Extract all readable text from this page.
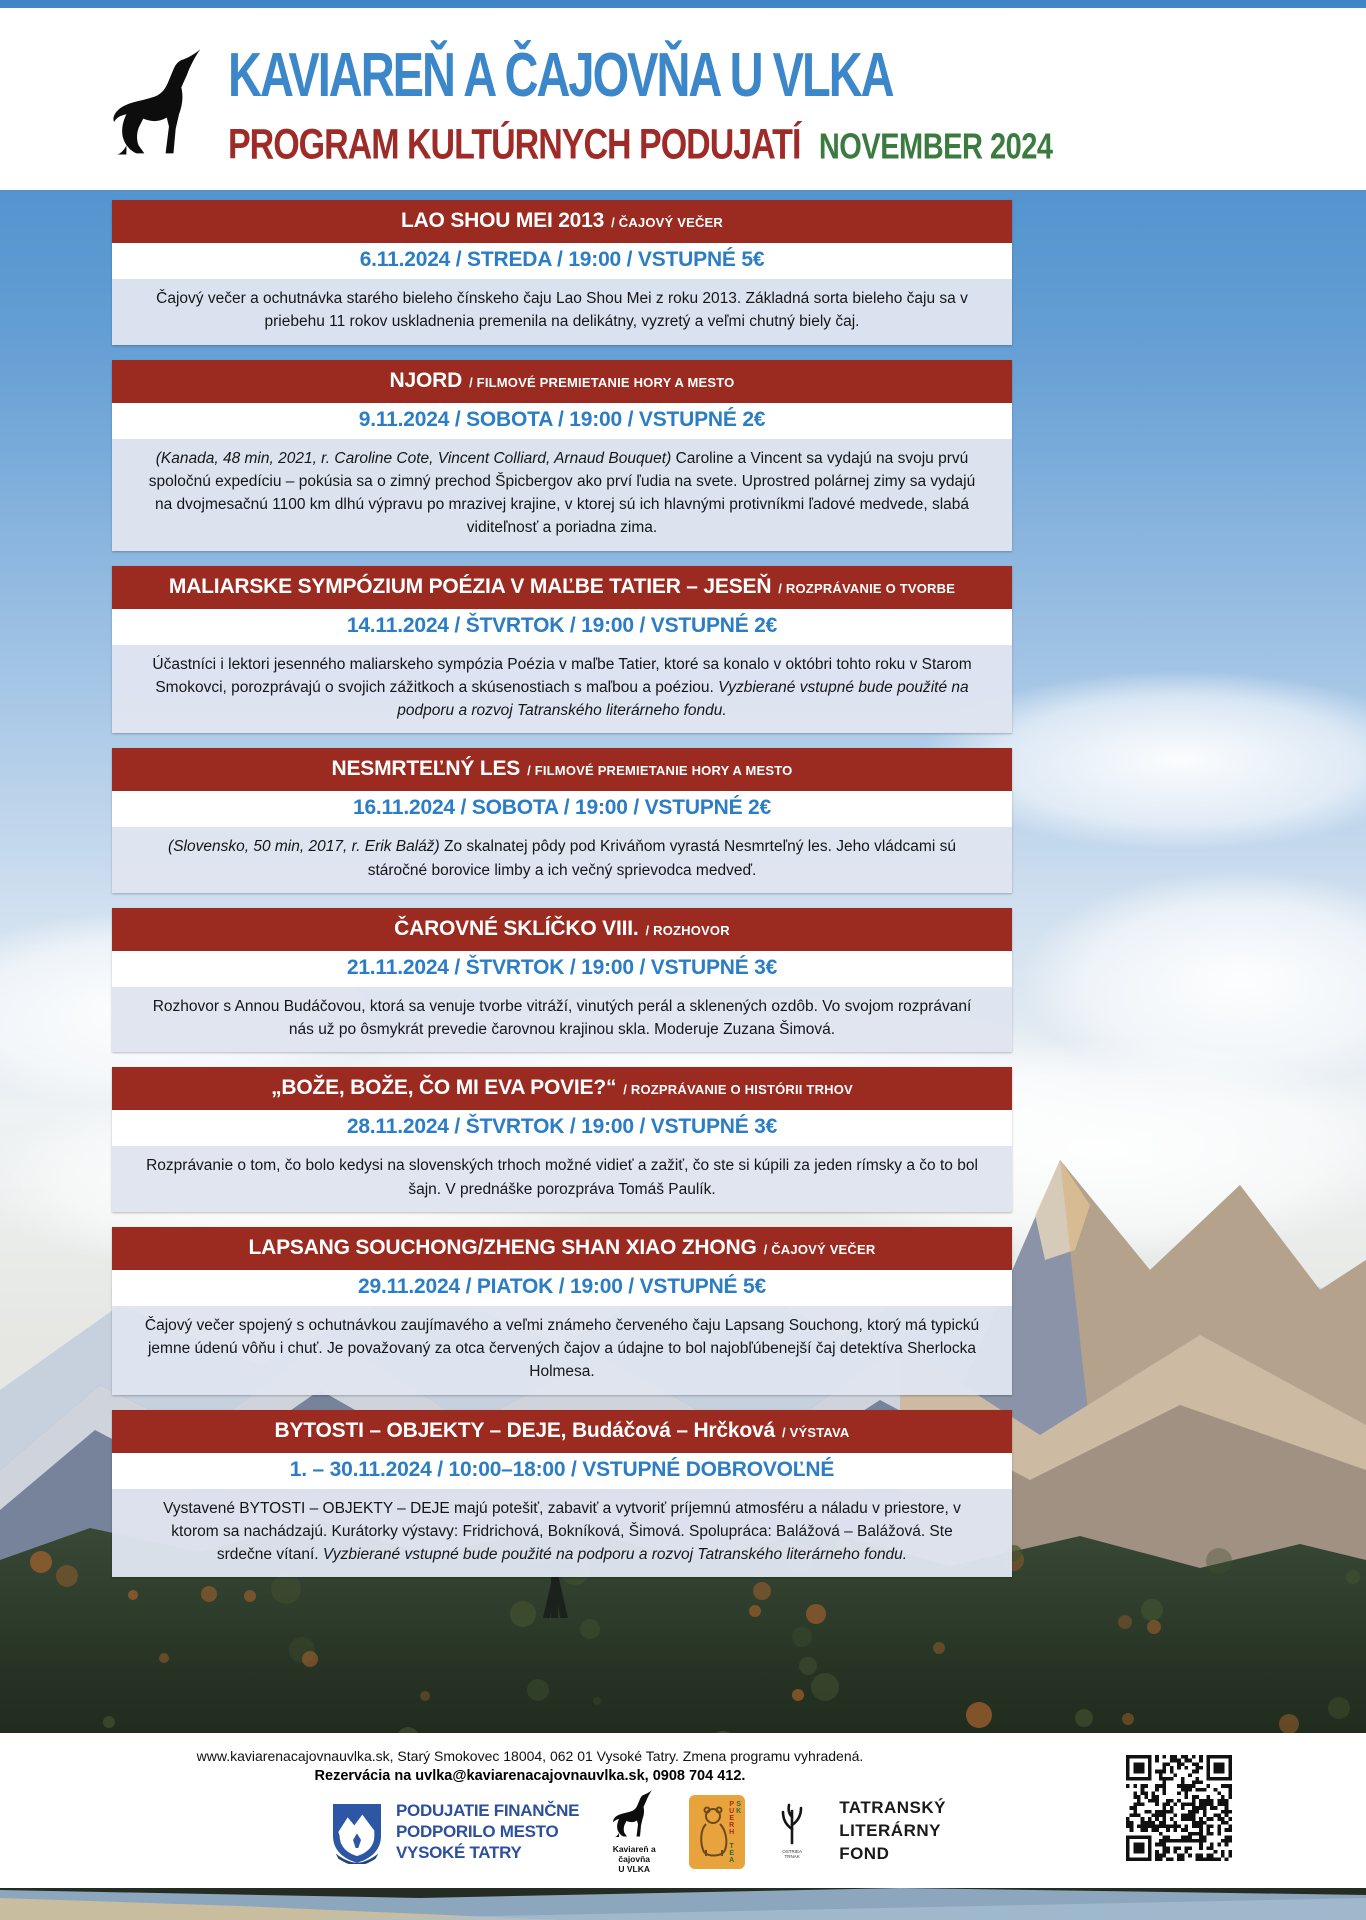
KAVIAREŇ A ČAJOVŇA U VLKA
PROGRAM KULTÚRNYCH PODUJATÍ NOVEMBER 2024
LAO SHOU MEI 2013 / ČAJOVÝ VEČER
6.11.2024 / STREDA / 19:00 / VSTUPNÉ 5€
Čajový večer a ochutnávka starého bieleho čínskeho čaju Lao Shou Mei z roku 2013. Základná sorta bieleho čaju sa v priebehu 11 rokov uskladnenia premenila na delikátny, vyzretý a veľmi chutný biely čaj.
NJORD / FILMOVÉ PREMIETANIE HORY A MESTO
9.11.2024 / SOBOTA / 19:00 / VSTUPNÉ 2€
(Kanada, 48 min, 2021, r. Caroline Cote, Vincent Colliard, Arnaud Bouquet) Caroline a Vincent sa vydajú na svoju prvú spoločnú expedíciu – pokúsia sa o zimný prechod Špicbergov ako prví ľudia na svete. Uprostred polárnej zimy sa vydajú na dvojmesačnú 1100 km dlhú výpravu po mrazivej krajine, v ktorej sú ich hlavnými protivníkmi ľadové medvede, slabá viditeľnosť a poriadna zima.
MALIARSKE SYMPÓZIUM POÉZIA V MAĽBE TATIER – JESEŇ / ROZPRÁVANIE O TVORBE
14.11.2024 / ŠTVRTOK / 19:00 / VSTUPNÉ 2€
Účastníci i lektori jesenného maliarskeho sympózia Poézia v maľbe Tatier, ktoré sa konalo v októbri tohto roku v Starom Smokovci, porozprávajú o svojich zážitkoch a skúsenostiach s maľbou a poéziou. Vyzbierané vstupné bude použité na podporu a rozvoj Tatranského literárneho fondu.
NESMRTEĽNÝ LES / FILMOVÉ PREMIETANIE HORY A MESTO
16.11.2024 / SOBOTA / 19:00 / VSTUPNÉ 2€
(Slovensko, 50 min, 2017, r. Erik Baláž) Zo skalnatej pôdy pod Kriváňom vyrastá Nesmrteľný les. Jeho vládcami sú stáročné borovice limby a ich večný sprievodca medveď.
ČAROVNÉ SKLÍČKO VIII. / ROZHOVOR
21.11.2024 / ŠTVRTOK / 19:00 / VSTUPNÉ 3€
Rozhovor s Annou Budáčovou, ktorá sa venuje tvorbe vitráží, vinutých perál a sklenených ozdôb. Vo svojom rozprávaní nás už po ôsmykrát prevedie čarovnou krajinou skla. Moderuje Zuzana Šimová.
„BOŽE, BOŽE, ČO MI EVA POVIE?“ / ROZPRÁVANIE O HISTÓRII TRHOV
28.11.2024 / ŠTVRTOK / 19:00 / VSTUPNÉ 3€
Rozprávanie o tom, čo bolo kedysi na slovenských trhoch možné vidieť a zažiť, čo ste si kúpili za jeden rímsky a čo to bol šajn. V prednáške porozpráva Tomáš Paulík.
LAPSANG SOUCHONG/ZHENG SHAN XIAO ZHONG / ČAJOVÝ VEČER
29.11.2024 / PIATOK / 19:00 / VSTUPNÉ 5€
Čajový večer spojený s ochutnávkou zaujímavého a veľmi známeho červeného čaju Lapsang Souchong, ktorý má typickú jemne údenú vôňu i chuť. Je považovaný za otca červených čajov a údajne to bol najobľúbenejší čaj detektíva Sherlocka Holmesa.
BYTOSTI – OBJEKTY – DEJE, Budáčová – Hrčková / VÝSTAVA
1. – 30.11.2024 / 10:00–18:00 / VSTUPNÉ DOBROVOĽNÉ
Vystavené BYTOSTI – OBJEKTY – DEJE majú potešiť, zabaviť a vytvoriť príjemnú atmosféru a náladu v priestore, v ktorom sa nachádzajú. Kurátorky výstavy: Fridrichová, Bokníková, Šimová. Spolupráca: Balážová – Balážová. Ste srdečne vítaní. Vyzbierané vstupné bude použité na podporu a rozvoj Tatranského literárneho fondu.
www.kaviarenacajovnauvlka.sk, Starý Smokovec 18004, 062 01 Vysoké Tatry. Zmena programu vyhradená.
Rezervácia na uvlka@kaviarenacajovnauvlka.sk, 0908 704 412.
PODUJATIE FINANČNE
PODPORILO MESTO
VYSOKÉ TATRY	Kaviareň a čajovňa
U VLKA
PUERH TEA SK
OSTRIEA
TRNAK
TATRANSKÝ
LITERÁRNY
FOND
